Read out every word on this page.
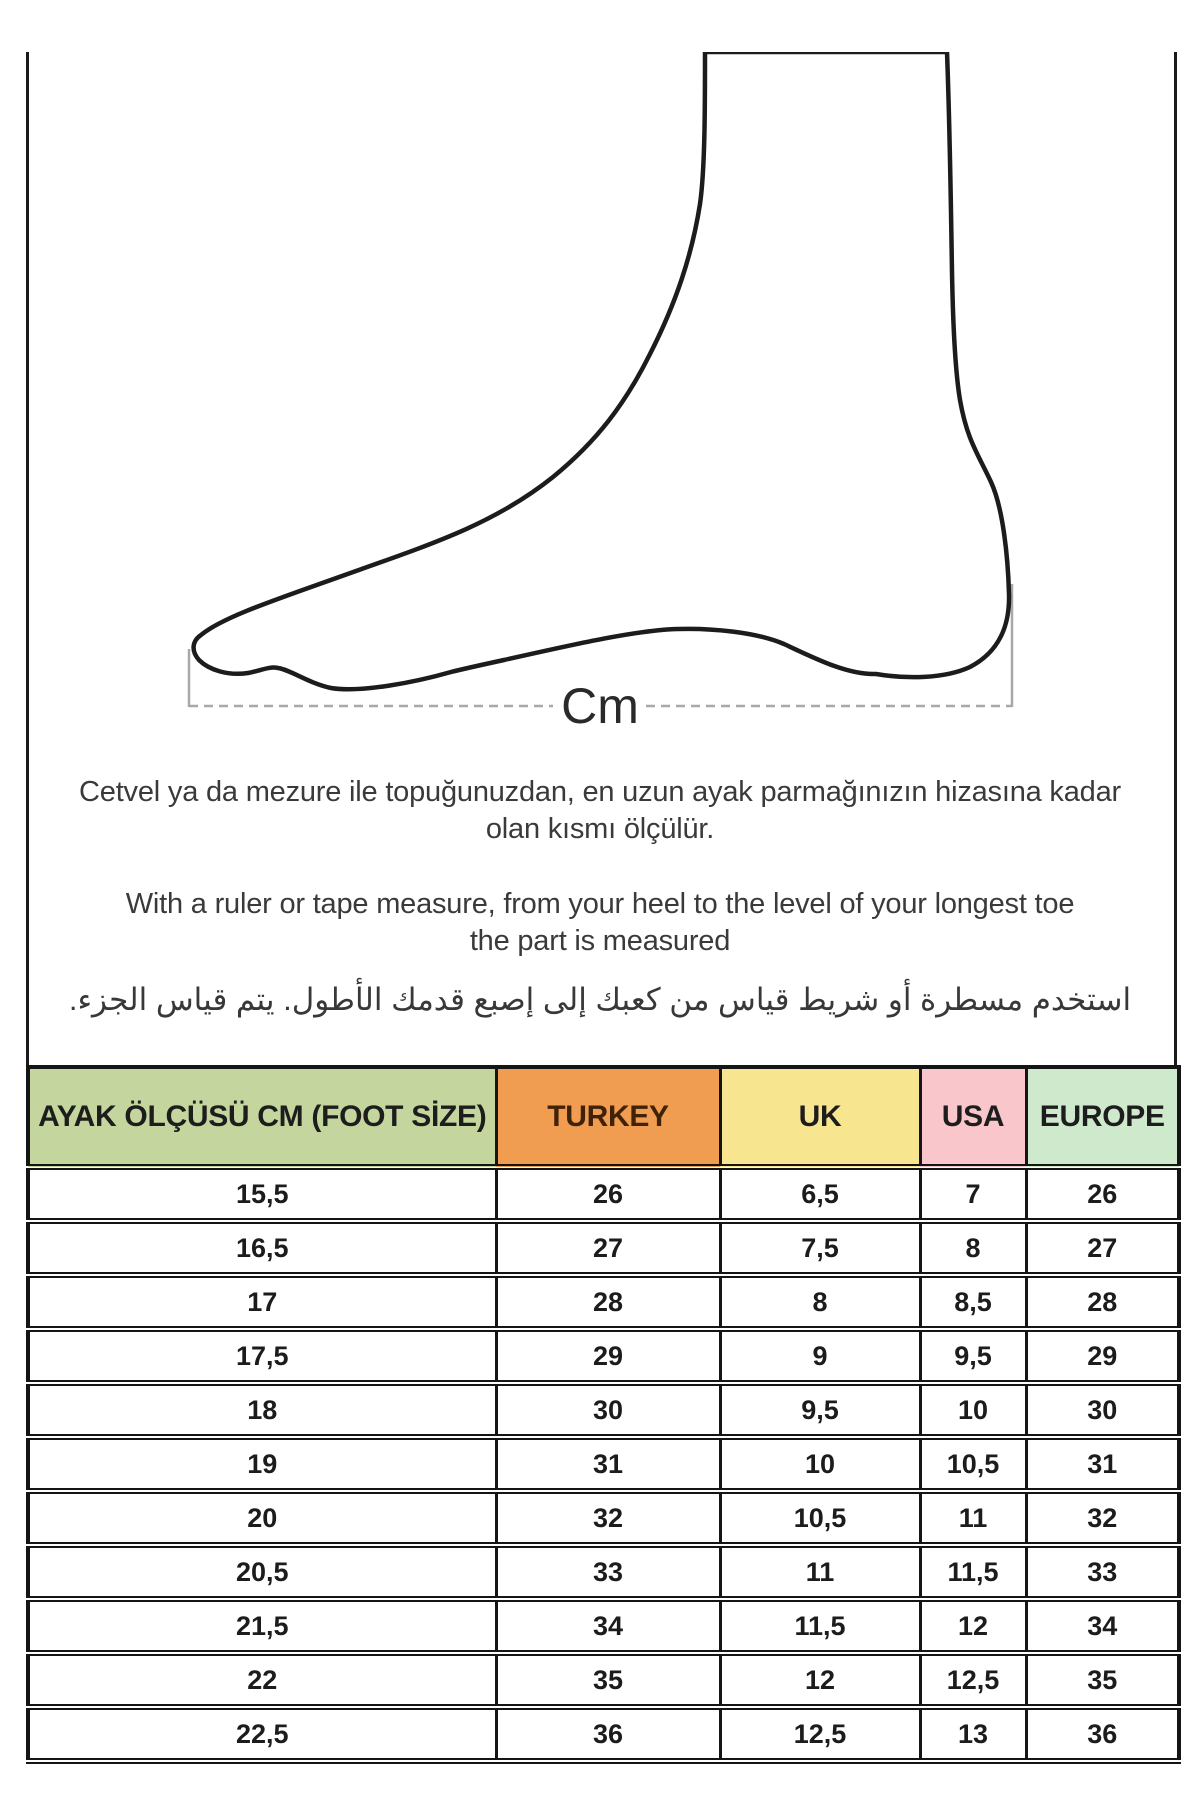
Cm
Cetvel ya da mezure ile topuğunuzdan, en uzun ayak parmağınızın hizasına kadar
olan kısmı ölçülür.
With a ruler or tape measure, from your heel to the level of your longest toe
the part is measured
استخدم مسطرة أو شريط قياس من كعبك إلى إصبع قدمك الأطول. يتم قياس الجزء.
AYAK ÖLÇÜSÜ CM (FOOT SİZE)	TURKEY	UK	USA	EUROPE
15,5	26	6,5	7	26
16,5	27	7,5	8	27
17	28	8	8,5	28
17,5	29	9	9,5	29
18	30	9,5	10	30
19	31	10	10,5	31
20	32	10,5	11	32
20,5	33	11	11,5	33
21,5	34	11,5	12	34
22	35	12	12,5	35
22,5	36	12,5	13	36
